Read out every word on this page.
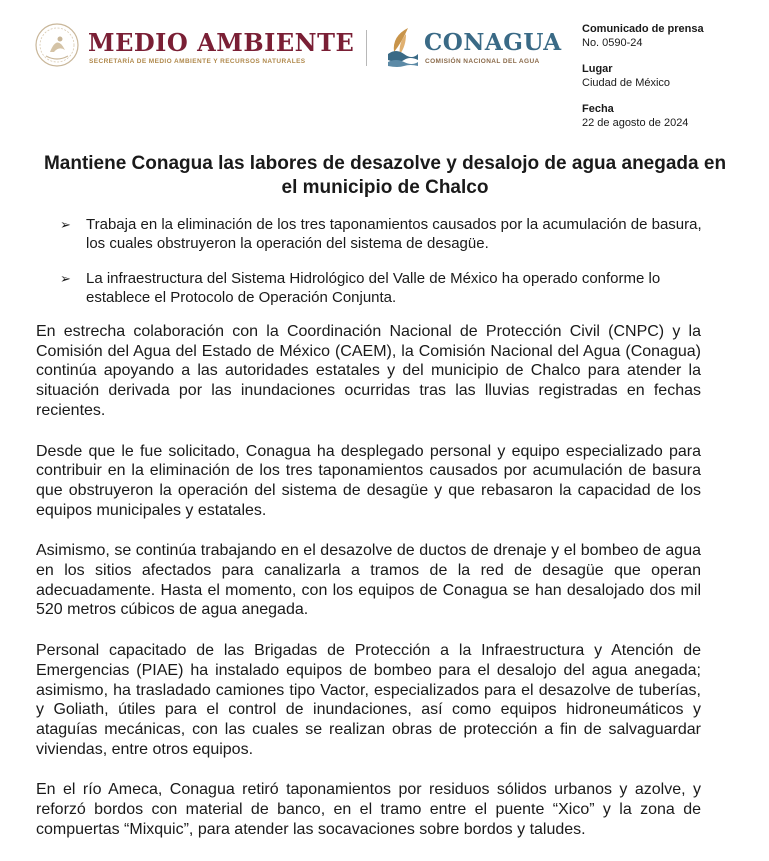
MEDIO AMBIENTE
SECRETARÍA DE MEDIO AMBIENTE Y RECURSOS NATURALES
CONAGUA
COMISIÓN NACIONAL DEL AGUA
Comunicado de prensa
No. 0590-24
Lugar
Ciudad de México
Fecha
22 de agosto de 2024
Mantiene Conagua las labores de desazolve y desalojo de agua anegada en el municipio de Chalco
➢ Trabaja en la eliminación de los tres taponamientos causados por la acumulación de basura, los cuales obstruyeron la operación del sistema de desagüe.
➢ La infraestructura del Sistema Hidrológico del Valle de México ha operado conforme lo establece el Protocolo de Operación Conjunta.

En estrecha colaboración con la Coordinación Nacional de Protección Civil (CNPC) y la Comisión del Agua del Estado de México (CAEM), la Comisión Nacional del Agua (Conagua) continúa apoyando a las autoridades estatales y del municipio de Chalco para atender la situación derivada por las inundaciones ocurridas tras las lluvias registradas en fechas recientes.

Desde que le fue solicitado, Conagua ha desplegado personal y equipo especializado para contribuir en la eliminación de los tres taponamientos causados por acumulación de basura que obstruyeron la operación del sistema de desagüe y que rebasaron la capacidad de los equipos municipales y estatales.

Asimismo, se continúa trabajando en el desazolve de ductos de drenaje y el bombeo de agua en los sitios afectados para canalizarla a tramos de la red de desagüe que operan adecuadamente. Hasta el momento, con los equipos de Conagua se han desalojado dos mil 520 metros cúbicos de agua anegada.

Personal capacitado de las Brigadas de Protección a la Infraestructura y Atención de Emergencias (PIAE) ha instalado equipos de bombeo para el desalojo del agua anegada; asimismo, ha trasladado camiones tipo Vactor, especializados para el desazolve de tuberías, y Goliath, útiles para el control de inundaciones, así como equipos hidroneumáticos y ataguías mecánicas, con las cuales se realizan obras de protección a fin de salvaguardar viviendas, entre otros equipos.

En el río Ameca, Conagua retiró taponamientos por residuos sólidos urbanos y azolve, y reforzó bordos con material de banco, en el tramo entre el puente “Xico” y la zona de compuertas “Mixquic”, para atender las socavaciones sobre bordos y taludes.
